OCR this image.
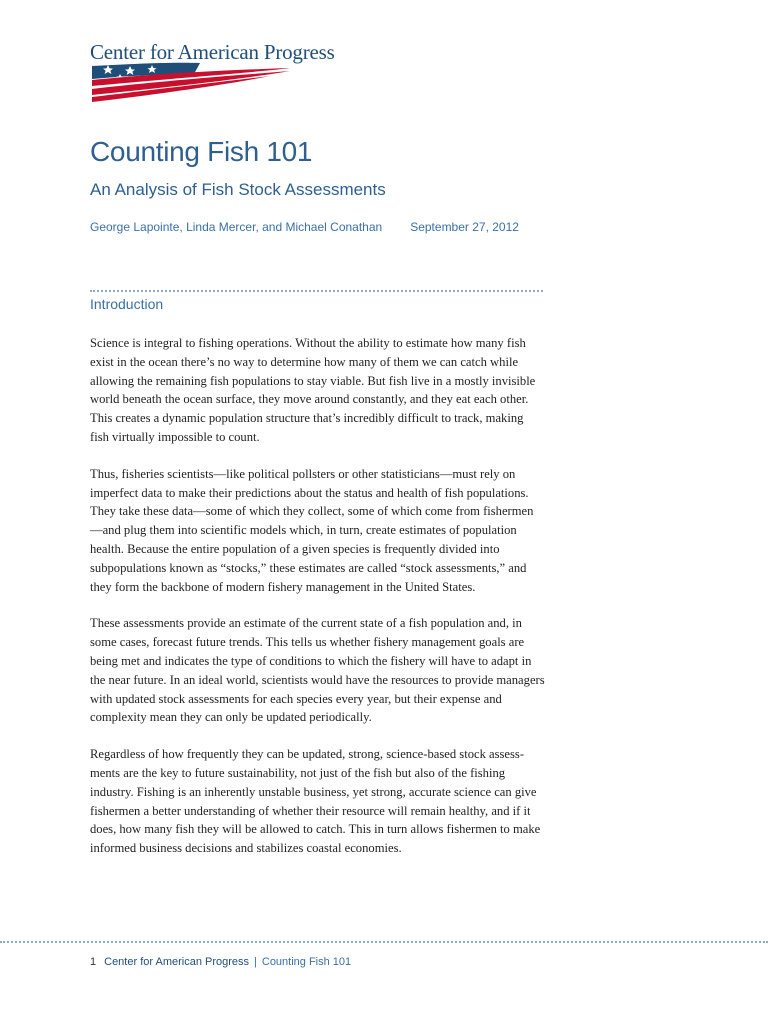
Center for American Progress
Counting Fish 101
An Analysis of Fish Stock Assessments
George Lapointe, Linda Mercer, and Michael Conathan September 27, 2012
Introduction

Science is integral to fishing operations. Without the ability to estimate how many fish exist in the ocean there’s no way to determine how many of them we can catch while allowing the remaining fish populations to stay viable. But fish live in a mostly invisible world beneath the ocean surface, they move around constantly, and they eat each other. This creates a dynamic population structure that’s incredibly difficult to track, making fish virtually impossible to count.

Thus, fisheries scientists—like political pollsters or other statisticians—must rely on imperfect data to make their predictions about the status and health of fish populations. They take these data—some of which they collect, some of which come from fishermen—and plug them into scientific models which, in turn, create estimates of population health. Because the entire population of a given species is frequently divided into subpopulations known as “stocks,” these estimates are called “stock assessments,” and they form the backbone of modern fishery management in the United States.

These assessments provide an estimate of the current state of a fish population and, in some cases, forecast future trends. This tells us whether fishery management goals are being met and indicates the type of conditions to which the fishery will have to adapt in the near future. In an ideal world, scientists would have the resources to provide managers with updated stock assessments for each species every year, but their expense and complexity mean they can only be updated periodically.

Regardless of how frequently they can be updated, strong, science-based stock assessments are the key to future sustainability, not just of the fish but also of the fishing industry. Fishing is an inherently unstable business, yet strong, accurate science can give fishermen a better understanding of whether their resource will remain healthy, and if it does, how many fish they will be allowed to catch. This in turn allows fishermen to make informed business decisions and stabilizes coastal economies.

1 Center for American Progress | Counting Fish 101
